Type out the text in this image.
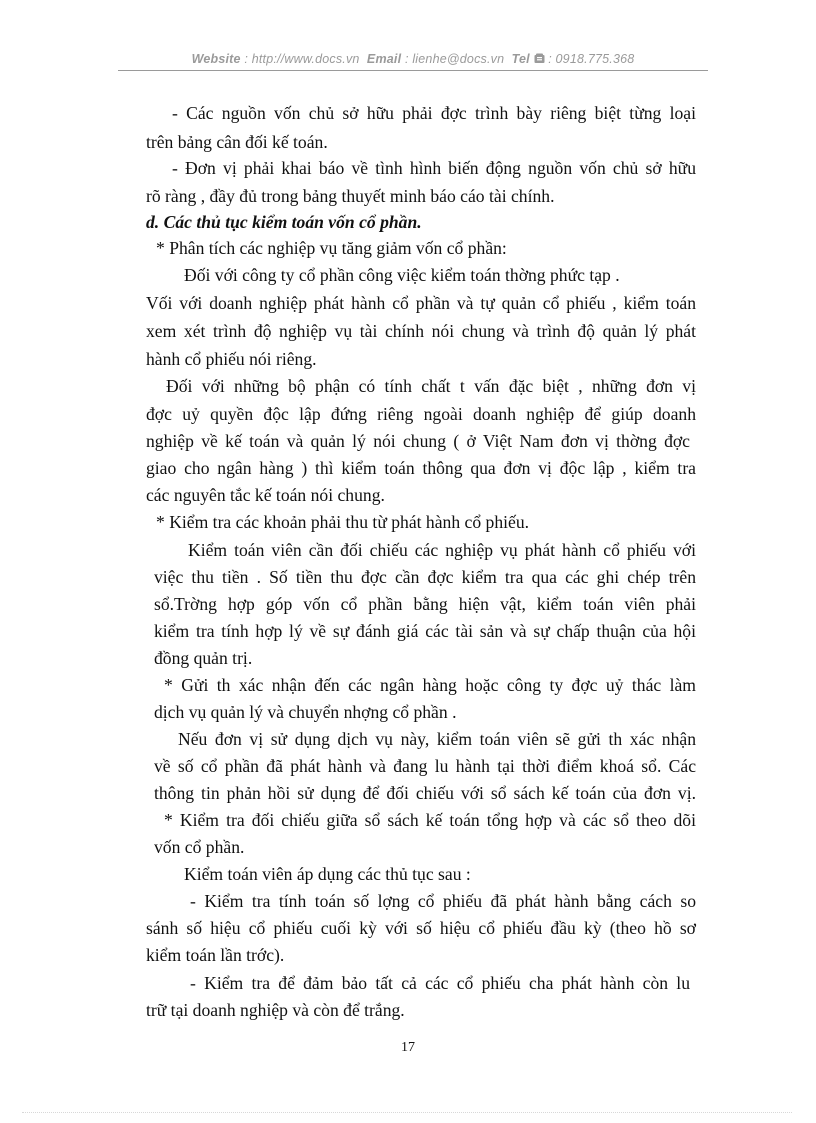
Website : http://www.docs.vn Email : lienhe@docs.vn Tel : 0918.775.368
- Các nguồn vốn chủ sở hữu phải đợc trình bày riêng biệt từng loại
trên bảng cân đối kế toán.
- Đơn vị phải khai báo về tình hình biến động nguồn vốn chủ sở hữu
rõ ràng , đầy đủ trong bảng thuyết minh báo cáo tài chính.
d. Các thủ tục kiểm toán vốn cổ phần.
* Phân tích các nghiệp vụ tăng giảm vốn cổ phần:
Đối với công ty cổ phần công việc kiểm toán thờng phức tạp .
Vối với doanh nghiệp phát hành cổ phần và tự quản cổ phiếu , kiểm toán
xem xét trình độ nghiệp vụ tài chính nói chung và trình độ quản lý phát
hành cổ phiếu nói riêng.
Đối với những bộ phận có tính chất t vấn đặc biệt , những đơn vị
đợc uỷ quyền độc lập đứng riêng ngoài doanh nghiệp để giúp doanh
nghiệp về kế toán và quản lý nói chung ( ở Việt Nam đơn vị thờng đợc
giao cho ngân hàng ) thì kiểm toán thông qua đơn vị độc lập , kiểm tra
các nguyên tắc kế toán nói chung.
* Kiểm tra các khoản phải thu từ phát hành cổ phiếu.
Kiểm toán viên cần đối chiếu các nghiệp vụ phát hành cổ phiếu với
việc thu tiền . Số tiền thu đợc cần đợc kiểm tra qua các ghi chép trên
sổ.Trờng hợp góp vốn cổ phần bằng hiện vật, kiểm toán viên phải
kiểm tra tính hợp lý về sự đánh giá các tài sản và sự chấp thuận của hội
đồng quản trị.
* Gửi th xác nhận đến các ngân hàng hoặc công ty đợc uỷ thác làm
dịch vụ quản lý và chuyển nhợng cổ phần .
Nếu đơn vị sử dụng dịch vụ này, kiểm toán viên sẽ gửi th xác nhận
về số cổ phần đã phát hành và đang lu hành tại thời điểm khoá sổ. Các
thông tin phản hồi sử dụng để đối chiếu với sổ sách kế toán của đơn vị.
* Kiểm tra đối chiếu giữa sổ sách kế toán tổng hợp và các sổ theo dõi
vốn cổ phần.
Kiểm toán viên áp dụng các thủ tục sau :
- Kiểm tra tính toán số lợng cổ phiếu đã phát hành bằng cách so
sánh số hiệu cổ phiếu cuối kỳ với số hiệu cổ phiếu đầu kỳ (theo hồ sơ
kiểm toán lần trớc).
- Kiểm tra để đảm bảo tất cả các cổ phiếu cha phát hành còn lu
trữ tại doanh nghiệp và còn để trắng.
17
